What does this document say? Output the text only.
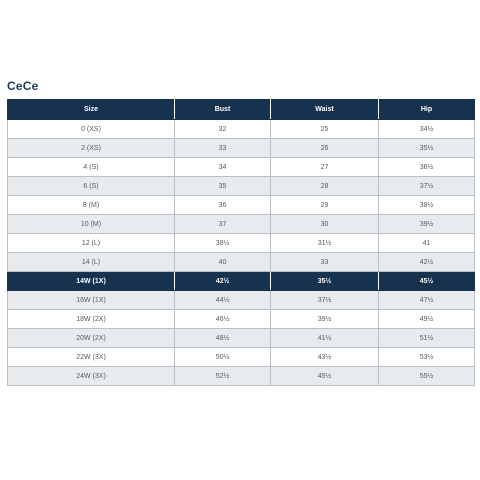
CeCe
Size	Bust	Waist	Hip
0 (XS)	32	25	34½
2 (XS)	33	26	35½
4 (S)	34	27	36½
6 (S)	35	28	37½
8 (M)	36	29	38½
10 (M)	37	30	39½
12 (L)	38½	31½	41
14 (L)	40	33	42½
14W (1X)	42½	35½	45½
16W (1X)	44½	37½	47½
18W (2X)	46½	39½	49½
20W (2X)	48½	41½	51½
22W (3X)	50½	43½	53½
24W (3X)	52½	45½	55½
